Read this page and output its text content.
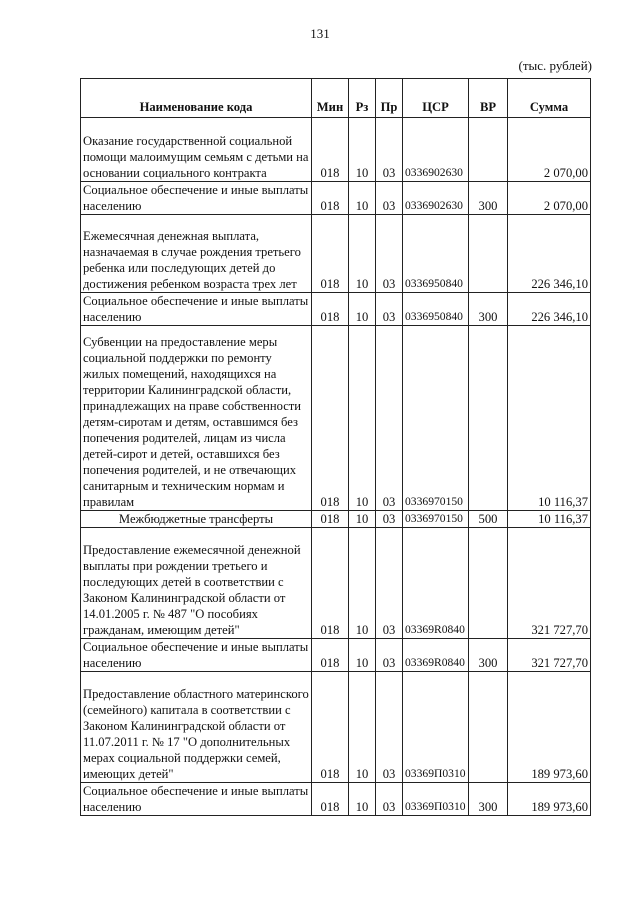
131
(тыс. рублей)
Наименование кода	Мин	Рз	Пр	ЦСР	ВР	Сумма

Оказание государственной социальной помощи малоимущим семьям с детьми на основании социального контракта	018	10	03	0336902630		2 070,00

Социальное обеспечение и иные выплаты населению	018	10	03	0336902630	300	2 070,00

Ежемесячная денежная выплата, назначаемая в случае рождения третьего ребенка или последующих детей до достижения ребенком возраста трех лет	018	10	03	0336950840		226 346,10

Социальное обеспечение и иные выплаты населению	018	10	03	0336950840	300	226 346,10

Субвенции на предоставление меры социальной поддержки по ремонту жилых помещений, находящихся на территории Калининградской области, принадлежащих на праве собственности детям-сиротам и детям, оставшимся без попечения родителей, лицам из числа детей-сирот и детей, оставшихся без попечения родителей, и не отвечающих санитарным и техническим нормам и правилам	018	10	03	0336970150		10 116,37

Межбюджетные трансферты	018	10	03	0336970150	500	10 116,37

Предоставление ежемесячной денежной выплаты при рождении третьего и последующих детей в соответствии с Законом Калининградской области от 14.01.2005 г. № 487 "О пособиях гражданам, имеющим детей"	018	10	03	03369R0840		321 727,70

Социальное обеспечение и иные выплаты населению	018	10	03	03369R0840	300	321 727,70

Предоставление областного материнского (семейного) капитала в соответствии с Законом Калининградской области от 11.07.2011 г. № 17 "О дополнительных мерах социальной поддержки семей, имеющих детей"	018	10	03	03369П0310		189 973,60

Социальное обеспечение и иные выплаты населению	018	10	03	03369П0310	300	189 973,60
